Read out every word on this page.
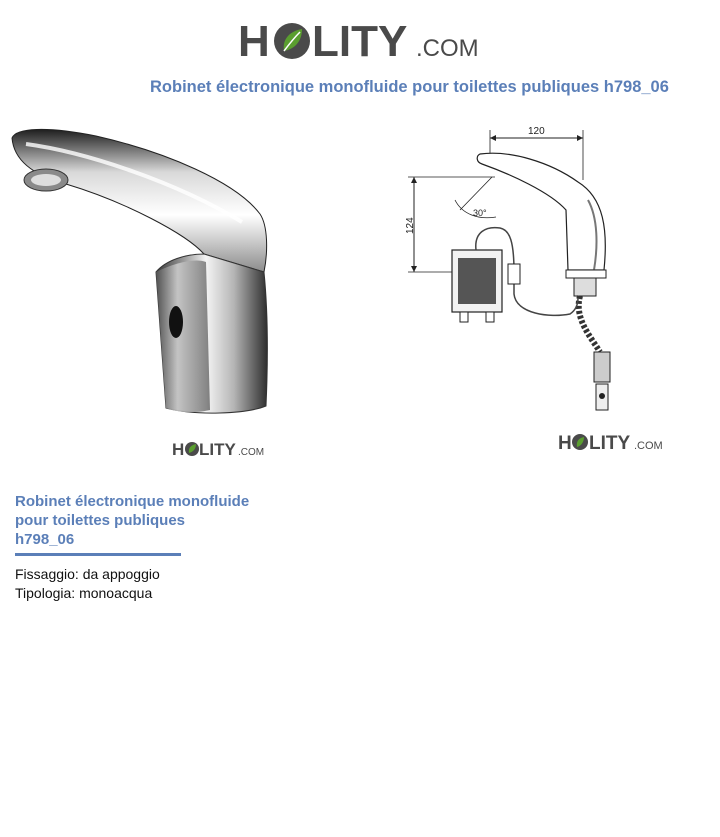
H LITY .COM
Robinet électronique monofluide pour toilettes publiques h798_06
120
124
30°
H LITY .COM	H LITY .COM
Robinet électronique monofluide
pour toilettes publiques
h798_06
Fissaggio: da appoggio
Tipologia: monoacqua
